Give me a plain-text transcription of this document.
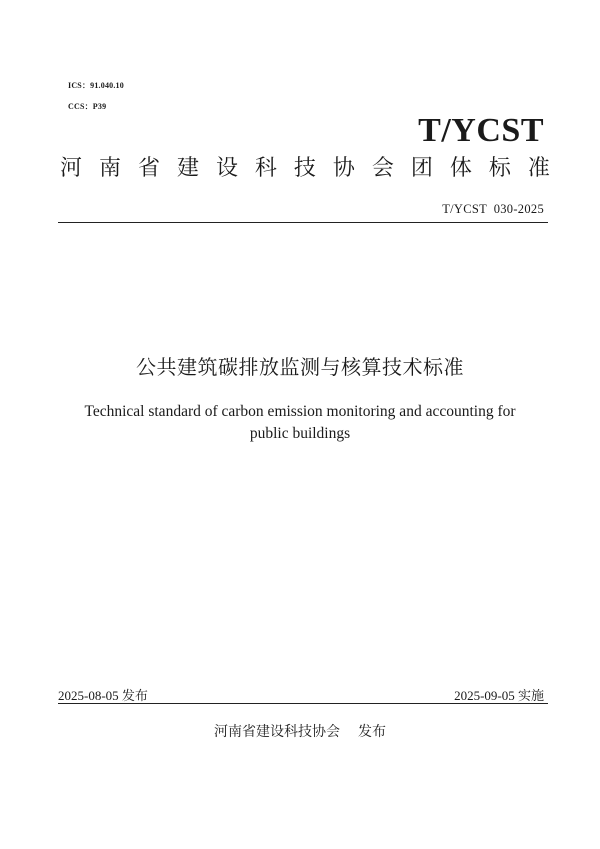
ICS：91.040.10
CCS：P39
T/YCST
河 南 省 建 设 科 技 协 会 团 体 标 准
T/YCST  030-2025
公共建筑碳排放监测与核算技术标准
Technical standard of carbon emission monitoring and accounting for
public buildings
2025-08-05 发布	2025-09-05 实施
河南省建设科技协会 发布
